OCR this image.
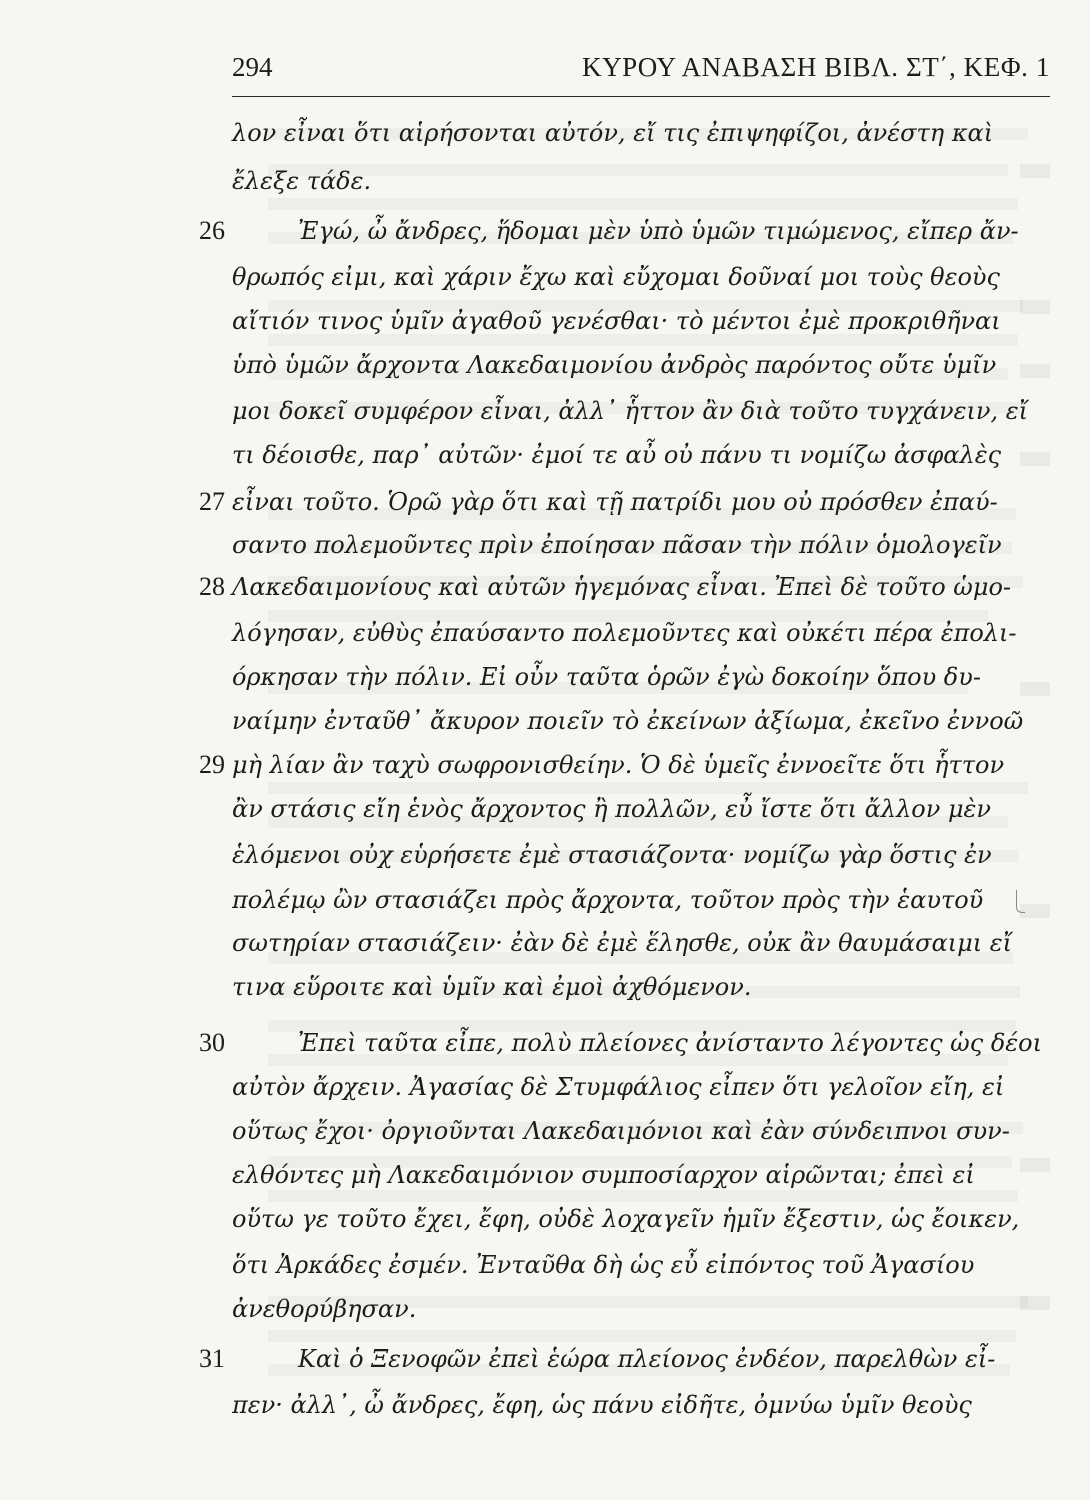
294	ΚΥΡΟΥ ΑΝΑΒΑΣΗ ΒΙΒΛ. ΣΤ΄, ΚΕΦ. 1
26
27
28
29
30
31
λον εἶναι ὅτι αἱρήσονται αὐτόν, εἴ τις ἐπιψηφίζοι, ἀνέστη καὶ
ἔλεξε τάδε.
Ἐγώ, ὦ ἄνδρες, ἥδομαι μὲν ὑπὸ ὑμῶν τιμώμενος, εἴπερ ἄν-
θρωπός εἰμι, καὶ χάριν ἔχω καὶ εὔχομαι δοῦναί μοι τοὺς θεοὺς
αἴτιόν τινος ὑμῖν ἀγαθοῦ γενέσθαι· τὸ μέντοι ἐμὲ προκριθῆναι
ὑπὸ ὑμῶν ἄρχοντα Λακεδαιμονίου ἀνδρὸς παρόντος οὔτε ὑμῖν
μοι δοκεῖ συμφέρον εἶναι, ἀλλ᾽ ἧττον ἂν διὰ τοῦτο τυγχάνειν, εἴ
τι δέοισθε, παρ᾽ αὐτῶν· ἐμοί τε αὖ οὐ πάνυ τι νομίζω ἀσφαλὲς
εἶναι τοῦτο. Ὁρῶ γὰρ ὅτι καὶ τῇ πατρίδι μου οὐ πρόσθεν ἐπαύ-
σαντο πολεμοῦντες πρὶν ἐποίησαν πᾶσαν τὴν πόλιν ὁμολογεῖν
Λακεδαιμονίους καὶ αὐτῶν ἡγεμόνας εἶναι. Ἐπεὶ δὲ τοῦτο ὡμο-
λόγησαν, εὐθὺς ἐπαύσαντο πολεμοῦντες καὶ οὐκέτι πέρα ἐπολι-
όρκησαν τὴν πόλιν. Εἰ οὖν ταῦτα ὁρῶν ἐγὼ δοκοίην ὅπου δυ-
ναίμην ἐνταῦθ᾽ ἄκυρον ποιεῖν τὸ ἐκείνων ἀξίωμα, ἐκεῖνο ἐννοῶ
μὴ λίαν ἂν ταχὺ σωφρονισθείην. Ὁ δὲ ὑμεῖς ἐννοεῖτε ὅτι ἧττον
ἂν στάσις εἴη ἑνὸς ἄρχοντος ἢ πολλῶν, εὖ ἴστε ὅτι ἄλλον μὲν
ἑλόμενοι οὐχ εὑρήσετε ἐμὲ στασιάζοντα· νομίζω γὰρ ὅστις ἐν
πολέμῳ ὢν στασιάζει πρὸς ἄρχοντα, τοῦτον πρὸς τὴν ἑαυτοῦ
σωτηρίαν στασιάζειν· ἐὰν δὲ ἐμὲ ἕλησθε, οὐκ ἂν θαυμάσαιμι εἴ
τινα εὕροιτε καὶ ὑμῖν καὶ ἐμοὶ ἀχθόμενον.
Ἐπεὶ ταῦτα εἶπε, πολὺ πλείονες ἀνίσταντο λέγοντες ὡς δέοι
αὐτὸν ἄρχειν. Ἀγασίας δὲ Στυμφάλιος εἶπεν ὅτι γελοῖον εἴη, εἰ
οὕτως ἔχοι· ὀργιοῦνται Λακεδαιμόνιοι καὶ ἐὰν σύνδειπνοι συν-
ελθόντες μὴ Λακεδαιμόνιον συμποσίαρχον αἱρῶνται; ἐπεὶ εἰ
οὕτω γε τοῦτο ἔχει, ἔφη, οὐδὲ λοχαγεῖν ἡμῖν ἔξεστιν, ὡς ἔοικεν,
ὅτι Ἀρκάδες ἐσμέν. Ἐνταῦθα δὴ ὡς εὖ εἰπόντος τοῦ Ἀγασίου
ἀνεθορύβησαν.
Καὶ ὁ Ξενοφῶν ἐπεὶ ἑώρα πλείονος ἐνδέον, παρελθὼν εἶ-
πεν· ἀλλ᾽, ὦ ἄνδρες, ἔφη, ὡς πάνυ εἰδῆτε, ὀμνύω ὑμῖν θεοὺς
